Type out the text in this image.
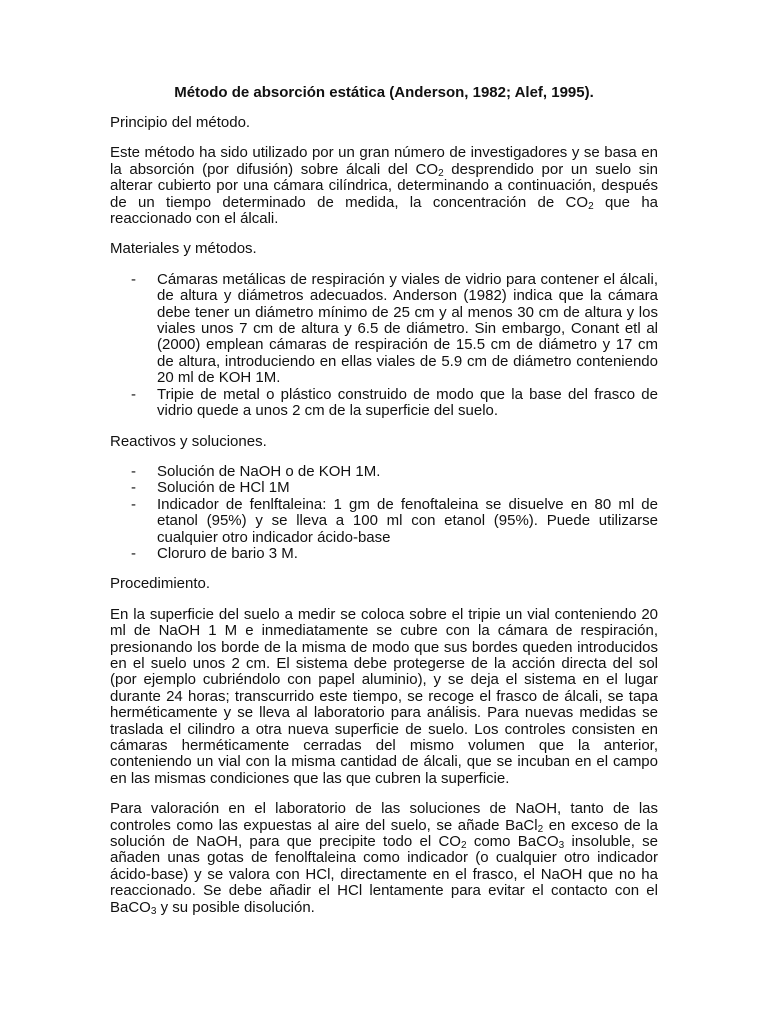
Método de absorción estática (Anderson, 1982; Alef, 1995).

Principio del método.

Este método ha sido utilizado por un gran número de investigadores y se basa en la absorción (por difusión) sobre álcali del $CO_2$ desprendido por un suelo sin alterar cubierto por una cámara cilíndrica, determinando a continuación, después de un tiempo determinado de medida, la concentración de $CO_2$ que ha reaccionado con el álcali.

Materiales y métodos.

- Cámaras metálicas de respiración y viales de vidrio para contener el álcali, de altura y diámetros adecuados. Anderson (1982) indica que la cámara debe tener un diámetro mínimo de 25 cm y al menos 30 cm de altura y los viales unos 7 cm de altura y 6.5 de diámetro. Sin embargo, Conant etl al (2000) emplean cámaras de respiración de 15.5 cm de diámetro y 17 cm de altura, introduciendo en ellas viales de 5.9 cm de diámetro conteniendo 20 ml de KOH 1M.
- Tripie de metal o plástico construido de modo que la base del frasco de vidrio quede a unos 2 cm de la superficie del suelo.

Reactivos y soluciones.

- Solución de NaOH o de KOH 1M.
- Solución de HCl 1M
- Indicador de fenlftaleina: 1 gm de fenoftaleina se disuelve en 80 ml de etanol (95%) y se lleva a 100 ml con etanol (95%). Puede utilizarse cualquier otro indicador ácido-base
- Cloruro de bario 3 M.

Procedimiento.

En la superficie del suelo a medir se coloca sobre el tripie un vial conteniendo 20 ml de NaOH 1 M e inmediatamente se cubre con la cámara de respiración, presionando los borde de la misma de modo que sus bordes queden introducidos en el suelo unos 2 cm. El sistema debe protegerse de la acción directa del sol (por ejemplo cubriéndolo con papel aluminio), y se deja el sistema en el lugar durante 24 horas; transcurrido este tiempo, se recoge el frasco de álcali, se tapa herméticamente y se lleva al laboratorio para análisis. Para nuevas medidas se traslada el cilindro a otra nueva superficie de suelo. Los controles consisten en cámaras herméticamente cerradas del mismo volumen que la anterior, conteniendo un vial con la misma cantidad de álcali, que se incuban en el campo en las mismas condiciones que las que cubren la superficie.

Para valoración en el laboratorio de las soluciones de NaOH, tanto de las controles como las expuestas al aire del suelo, se añade BaCl$_2$ en exceso de la solución de NaOH, para que precipite todo el $CO_2$ como BaCO$_3$ insoluble, se añaden unas gotas de fenolftaleina como indicador (o cualquier otro indicador ácido-base) y se valora con HCl, directamente en el frasco, el NaOH que no ha reaccionado. Se debe añadir el HCl lentamente para evitar el contacto con el BaCO$_3$ y su posible disolución.
